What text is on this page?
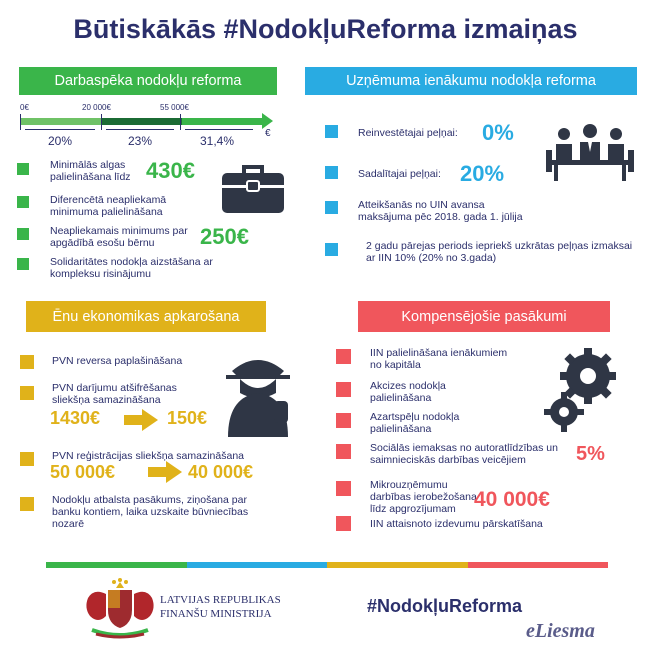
Būtiskākās #NodokļuReforma izmaiņas
Darbaspēka nodokļu reforma
0€	20 000€	55 000€
€
20%	23%	31,4%
Minimālās algas palielināšana līdz 430€
Diferencētā neapliekamā minimuma palielināšana
Neapliekamais minimums par apgādībā esošu bērnu	250€
Solidaritātes nodokļa aizstāšana ar kompleksu risinājumu
Uzņēmuma ienākumu nodokļa reforma
Reinvestētajai peļņai: 0%
Sadalītajai peļņai: 20%
Atteikšanās no UIN avansa maksājuma pēc 2018. gada 1. jūlija
2 gadu pārejas periods iepriekš uzkrātas peļņas izmaksai ar IIN 10% (20% no 3.gada)
Ēnu ekonomikas apkarošana
PVN reversa paplašināšana
PVN darījumu atšifrēšanas sliekšņa samazināšana
1430€	150€
PVN reģistrācijas sliekšņa samazināšana
50 000€	40 000€
Nodokļu atbalsta pasākums, ziņošana par banku kontiem, laika uzskaite būvniecības nozarē
Kompensējošie pasākumi
IIN palielināšana ienākumiem no kapitāla
Akcizes nodokļa palielināšana
Azartspēļu nodokļa palielināšana
Sociālās iemaksas no autoratlīdzības un saimnieciskās darbības veicējiem	5%
Mikrouzņēmumu darbības ierobežošana līdz apgrozījumam 40 000€
IIN attaisnoto izdevumu pārskatīšana
LATVIJAS REPUBLIKAS
FINANŠU MINISTRIJA	#NodokļuReforma
eLiesma
